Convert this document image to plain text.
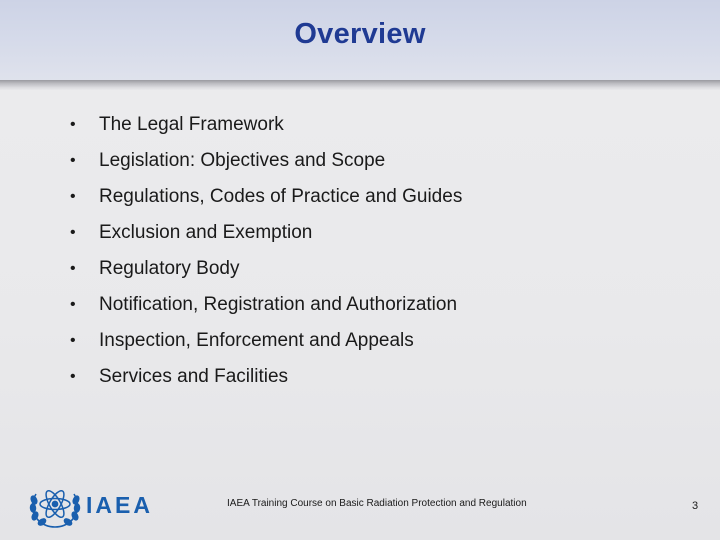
Overview
•	The Legal Framework
•	Legislation: Objectives and Scope
•	Regulations, Codes of Practice and Guides
•	Exclusion and Exemption
•	Regulatory Body
•	Notification, Registration and Authorization
•	Inspection, Enforcement and Appeals
•	Services and Facilities
IAEA	IAEA Training Course on Basic Radiation Protection and Regulation	3
